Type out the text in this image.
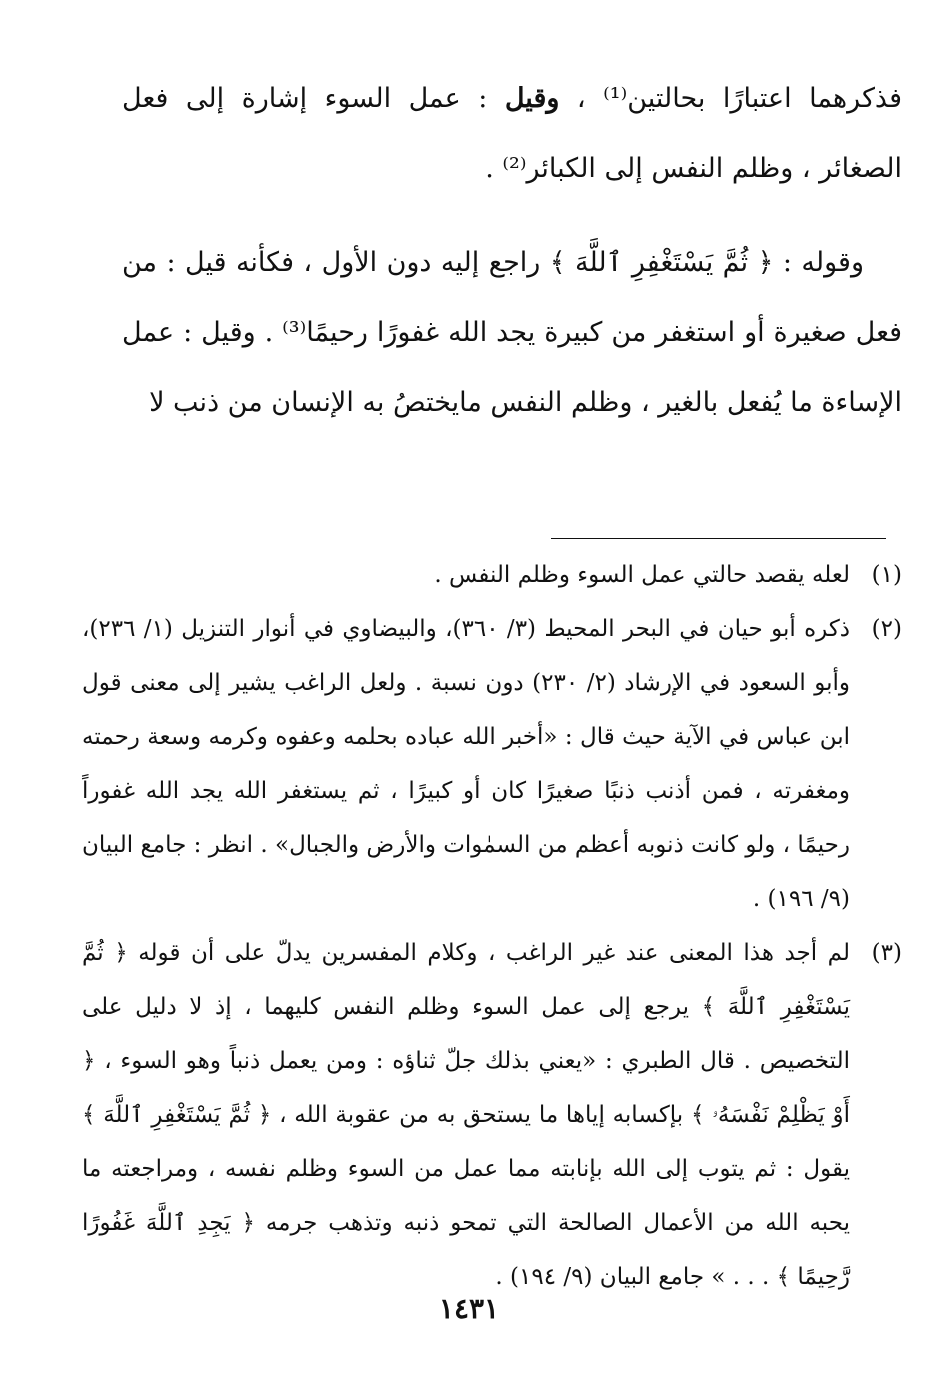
فذكرهما اعتبارًا بحالتين⁽¹⁾ ، وقيل : عمل السوء إشارة إلى فعل الصغائر ، وظلم النفس إلى الكبائر⁽²⁾ .

وقوله : ﴿ ثُمَّ يَسْتَغْفِرِ ٱللَّهَ ﴾ راجع إليه دون الأول ، فكأنه قيل : من فعل صغيرة أو استغفر من كبيرة يجد الله غفورًا رحيمًا⁽³⁾ . وقيل : عمل الإساءة ما يُفعل بالغير ، وظلم النفس مايختصُ به الإنسان من ذنب لا

(١)
لعله يقصد حالتي عمل السوء وظلم النفس .
(٢)
ذكره أبو حيان في البحر المحيط (٣/ ٣٦٠)، والبيضاوي في أنوار التنزيل (١/ ٢٣٦)، وأبو السعود في الإرشاد (٢/ ٢٣٠) دون نسبة . ولعل الراغب يشير إلى معنى قول ابن عباس في الآية حيث قال : «أخبر الله عباده بحلمه وعفوه وكرمه وسعة رحمته ومغفرته ، فمن أذنب ذنبًا صغيرًا كان أو كبيرًا ، ثم يستغفر الله يجد الله غفوراً رحيمًا ، ولو كانت ذنوبه أعظم من السمٰوات والأرض والجبال» . انظر : جامع البيان (٩/ ١٩٦) .
(٣)
لم أجد هذا المعنى عند غير الراغب ، وكلام المفسرين يدلّ على أن قوله ﴿ ثُمَّ يَسْتَغْفِرِ ٱللَّهَ ﴾ يرجع إلى عمل السوء وظلم النفس كليهما ، إذ لا دليل على التخصيص . قال الطبري : «يعني بذلك جلّ ثناؤه : ومن يعمل ذنباً وهو السوء ، ﴿ أَوْ يَظْلِمْ نَفْسَهُۥ ﴾ بإكسابه إياها ما يستحق به من عقوبة الله ، ﴿ ثُمَّ يَسْتَغْفِرِ ٱللَّهَ ﴾ يقول : ثم يتوب إلى الله بإنابته مما عمل من السوء وظلم نفسه ، ومراجعته ما يحبه الله من الأعمال الصالحة التي تمحو ذنبه وتذهب جرمه ﴿ يَجِدِ ٱللَّهَ غَفُورًا رَّحِيمًا ﴾ . . . » جامع البيان (٩/ ١٩٤) .
١٤٣١
